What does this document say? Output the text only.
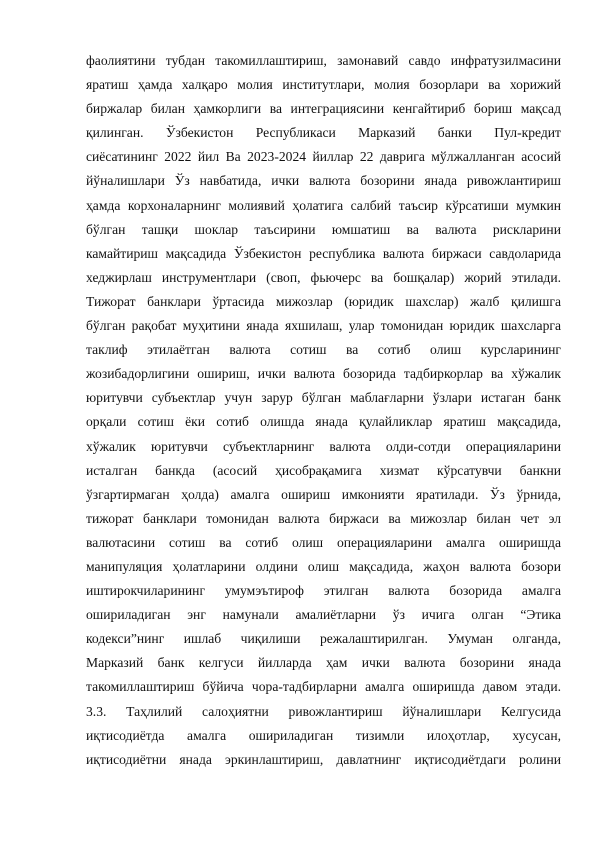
фаолиятини тубдан такомиллаштириш, замонавий савдо инфратузилмасини
яратиш ҳамда халқаро молия институтлари, молия бозорлари ва хорижий
биржалар билан ҳамкорлиги ва интеграциясини кенгайтириб бориш мақсад
қилинган. Ўзбекистон Республикаси Марказий банки Пул-кредит
сиёсатининг 2022 йил Ва 2023-2024 йиллар 22 даврига мўлжалланган асосий
йўналишлари Ўз навбатида, ички валюта бозорини янада ривожлантириш
ҳамда корхоналарнинг молиявий ҳолатига салбий таъсир кўрсатиши мумкин
бўлган ташқи шоклар таъсирини юмшатиш ва валюта рискларини
камайтириш мақсадида Ўзбекистон республика валюта биржаси савдоларида
хеджирлаш инструментлари (своп, фьючерс ва бошқалар) жорий этилади.
Тижорат банклари ўртасида мижозлар (юридик шахслар) жалб қилишга
бўлган рақобат муҳитини янада яхшилаш, улар томонидан юридик шахсларга
таклиф этилаётган валюта сотиш ва сотиб олиш курсларининг
жозибадорлигини ошириш, ички валюта бозорида тадбиркорлар ва хўжалик
юритувчи субъектлар учун зарур бўлган маблағларни ўзлари истаган банк
орқали сотиш ёки сотиб олишда янада қулайликлар яратиш мақсадида,
хўжалик юритувчи субъектларнинг валюта олди-сотди операцияларини
исталган банкда (асосий ҳисобрақамига хизмат кўрсатувчи банкни
ўзгартирмаган ҳолда) амалга ошириш имконияти яратилади. Ўз ўрнида,
тижорат банклари томонидан валюта биржаси ва мижозлар билан чет эл
валютасини сотиш ва сотиб олиш операцияларини амалга оширишда
манипуляция ҳолатларини олдини олиш мақсадида, жаҳон валюта бозори
иштирокчиларининг умумэътироф этилган валюта бозорида амалга
ошириладиган энг намунали амалиётларни ўз ичига олган “Этика
кодекси”нинг ишлаб чиқилиши режалаштирилган. Умуман олганда,
Марказий банк келгуси йилларда ҳам ички валюта бозорини янада
такомиллаштириш бўйича чора-тадбирларни амалга оширишда давом этади.
3.3. Таҳлилий салоҳиятни ривожлантириш йўналишлари Келгусида
иқтисодиётда амалга ошириладиган тизимли илоҳотлар, хусусан,
иқтисодиётни янада эркинлаштириш, давлатнинг иқтисодиётдаги ролини
